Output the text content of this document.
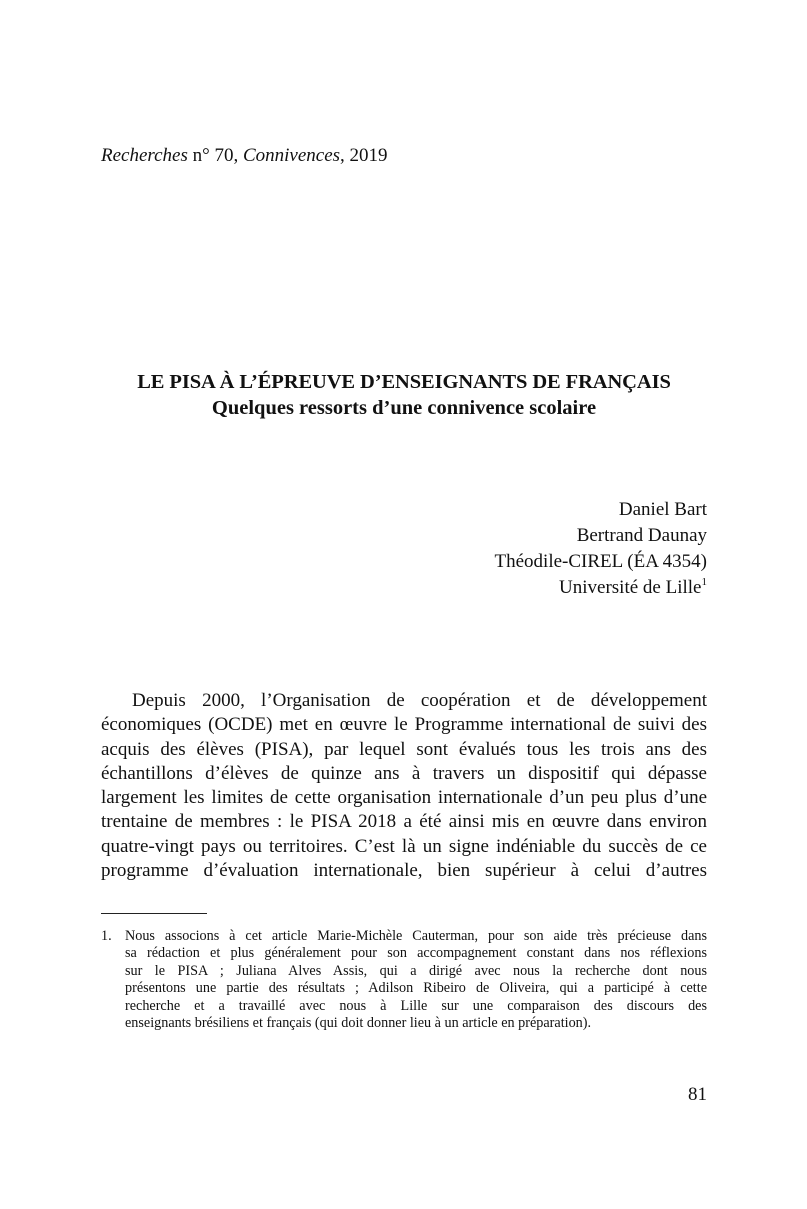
Recherches n° 70, Connivences, 2019
LE PISA À L’ÉPREUVE D’ENSEIGNANTS DE FRANÇAIS
Quelques ressorts d’une connivence scolaire
Daniel Bart
Bertrand Daunay
Théodile-CIREL (ÉA 4354)
Université de Lille$^1$
Depuis 2000, l’Organisation de coopération et de développement
économiques (OCDE) met en œuvre le Programme international de suivi des
acquis des élèves (PISA), par lequel sont évalués tous les trois ans des
échantillons d’élèves de quinze ans à travers un dispositif qui dépasse
largement les limites de cette organisation internationale d’un peu plus d’une
trentaine de membres : le PISA 2018 a été ainsi mis en œuvre dans environ
quatre-vingt pays ou territoires. C’est là un signe indéniable du succès de ce
programme d’évaluation internationale, bien supérieur à celui d’autres
1. Nous associons à cet article Marie-Michèle Cauterman, pour son aide très précieuse dans
sa rédaction et plus généralement pour son accompagnement constant dans nos réflexions
sur le PISA ; Juliana Alves Assis, qui a dirigé avec nous la recherche dont nous
présentons une partie des résultats ; Adilson Ribeiro de Oliveira, qui a participé à cette
recherche et a travaillé avec nous à Lille sur une comparaison des discours des
enseignants brésiliens et français (qui doit donner lieu à un article en préparation).
81
